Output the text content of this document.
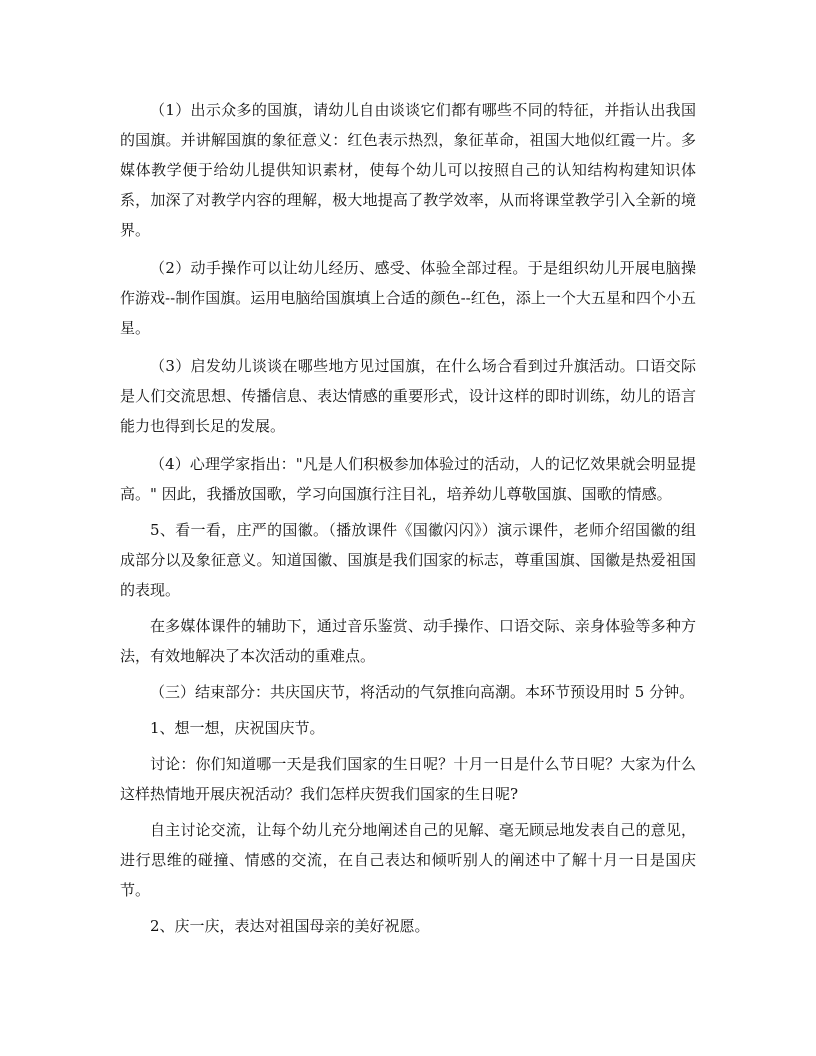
（1）出示众多的国旗，请幼儿自由谈谈它们都有哪些不同的特征，并指认出我国的国旗。并讲解国旗的象征意义：红色表示热烈，象征革命，祖国大地似红霞一片。多媒体教学便于给幼儿提供知识素材，使每个幼儿可以按照自己的认知结构构建知识体系，加深了对教学内容的理解，极大地提高了教学效率，从而将课堂教学引入全新的境界。

（2）动手操作可以让幼儿经历、感受、体验全部过程。于是组织幼儿开展电脑操作游戏--制作国旗。运用电脑给国旗填上合适的颜色--红色，添上一个大五星和四个小五星。

（3）启发幼儿谈谈在哪些地方见过国旗，在什么场合看到过升旗活动。口语交际是人们交流思想、传播信息、表达情感的重要形式，设计这样的即时训练，幼儿的语言能力也得到长足的发展。

（4）心理学家指出："凡是人们积极参加体验过的活动，人的记忆效果就会明显提高。" 因此，我播放国歌，学习向国旗行注目礼，培养幼儿尊敬国旗、国歌的情感。

5、看一看，庄严的国徽。（播放课件《国徽闪闪》）演示课件，老师介绍国徽的组成部分以及象征意义。知道国徽、国旗是我们国家的标志，尊重国旗、国徽是热爱祖国的表现。

在多媒体课件的辅助下，通过音乐鉴赏、动手操作、口语交际、亲身体验等多种方法，有效地解决了本次活动的重难点。

（三）结束部分：共庆国庆节，将活动的气氛推向高潮。本环节预设用时 5 分钟。

1、想一想，庆祝国庆节。

讨论：你们知道哪一天是我们国家的生日呢？十月一日是什么节日呢？大家为什么这样热情地开展庆祝活动？我们怎样庆贺我们国家的生日呢?

自主讨论交流，让每个幼儿充分地阐述自己的见解、毫无顾忌地发表自己的意见，进行思维的碰撞、情感的交流，在自己表达和倾听别人的阐述中了解十月一日是国庆节。

2、庆一庆，表达对祖国母亲的美好祝愿。
